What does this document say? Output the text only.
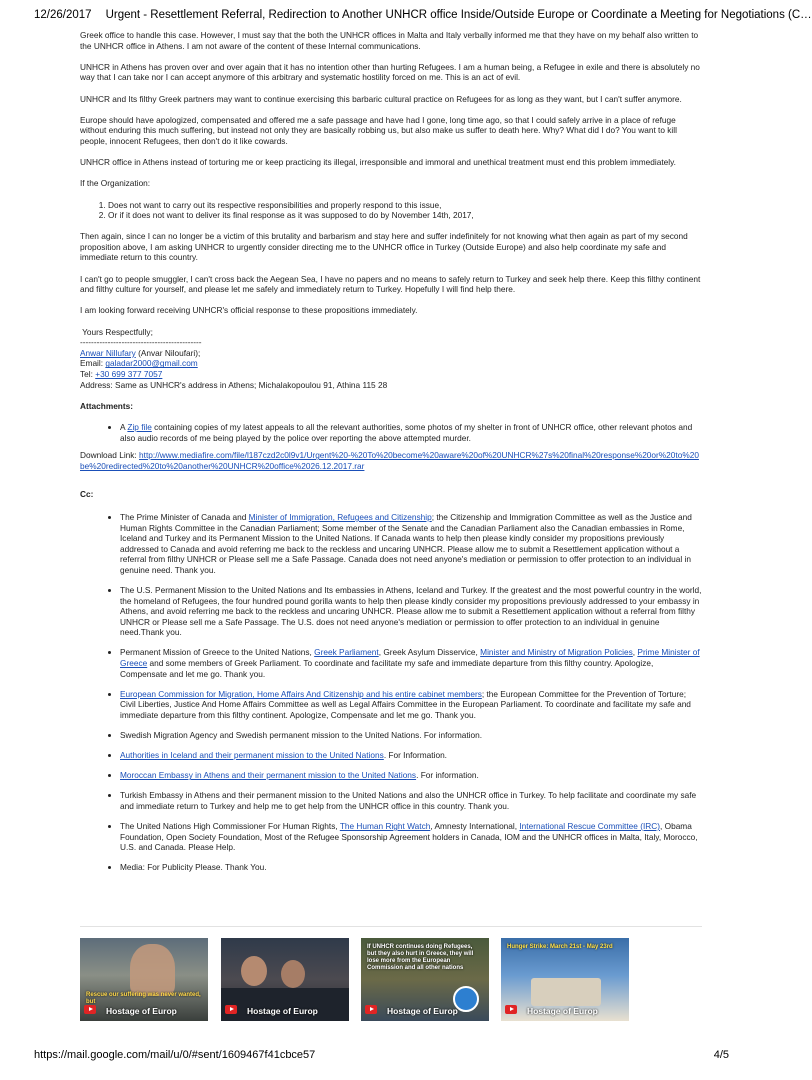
12/26/2017 Urgent - Resettlement Referral, Redirection to Another UNHCR office Inside/Outside Europe or Coordinate a Meeting for Negotiations (C…

Greek office to handle this case. However, I must say that the both the UNHCR offices in Malta and Italy verbally informed me that they have on my behalf also written to the UNHCR office in Athens. I am not aware of the content of these Internal communications.

UNHCR in Athens has proven over and over again that it has no intention other than hurting Refugees. I am a human being, a Refugee in exile and there is absolutely no way that I can take nor I can accept anymore of this arbitrary and systematic hostility forced on me. This is an act of evil.

UNHCR and Its filthy Greek partners may want to continue exercising this barbaric cultural practice on Refugees for as long as they want, but I can't suffer anymore.

Europe should have apologized, compensated and offered me a safe passage and have had I gone, long time ago, so that I could safely arrive in a place of refuge without enduring this much suffering, but instead not only they are basically robbing us, but also make us suffer to death here. Why? What did I do? You want to kill people, innocent Refugees, then don't do it like cowards.

UNHCR office in Athens instead of torturing me or keep practicing its illegal, irresponsible and immoral and unethical treatment must end this problem immediately.

If the Organization:

1. Does not want to carry out its respective responsibilities and properly respond to this issue,
2. Or if it does not want to deliver its final response as it was supposed to do by November 14th, 2017,

Then again, since I can no longer be a victim of this brutality and barbarism and stay here and suffer indefinitely for not knowing what then again as part of my second proposition above, I am asking UNHCR to urgently consider directing me to the UNHCR office in Turkey (Outside Europe) and also help coordinate my safe and immediate return to this country.

I can't go to people smuggler, I can't cross back the Aegean Sea, I have no papers and no means to safely return to Turkey and seek help there. Keep this filthy continent and filthy culture for yourself, and please let me safely and immediately return to Turkey. Hopefully I will find help there.

I am looking forward receiving UNHCR's official response to these propositions immediately.

Yours Respectfully;
--------------------------------------------
Anwar Nillufary (Anvar Niloufari);
Email: galadar2000@gmail.com
Tel: +30 699 377 7057
Address: Same as UNHCR's address in Athens; Michalakopoulou 91, Athina 115 28
Attachments:
• A Zip file containing copies of my latest appeals to all the relevant authorities, some photos of my shelter in front of UNHCR office, other relevant photos and also audio records of me being played by the police over reporting the above attempted murder.
Download Link: http://www.mediafire.com/file/l187czd2c0l9v1/Urgent%20-%20To%20become%20aware%20of%20UNHCR%27s%20final%20response%20or%20to%20be%20redirected%20to%20another%20UNHCR%20office%2026.12.2017.rar
Cc:
• The Prime Minister of Canada and Minister of Immigration, Refugees and Citizenship; the Citizenship and Immigration Committee as well as the Justice and Human Rights Committee in the Canadian Parliament; Some member of the Senate and the Canadian Parliament also the Canadian embassies in Rome, Iceland and Turkey and its Permanent Mission to the United Nations. If Canada wants to help then please kindly consider my propositions previously addressed to Canada and avoid referring me back to the reckless and uncaring UNHCR. Please allow me to submit a Resettlement application without a referral from filthy UNHCR or Please sell me a Safe Passage. Canada does not need anyone's mediation or permission to offer protection to an individual in genuine need. Thank you.
• The U.S. Permanent Mission to the United Nations and Its embassies in Athens, Iceland and Turkey. If the greatest and the most powerful country in the world, the homeland of Refugees, the four hundred pound gorilla wants to help then please kindly consider my propositions previously addressed to your embassy in Athens, and avoid referring me back to the reckless and uncaring UNHCR. Please allow me to submit a Resettlement application without a referral from filthy UNHCR or Please sell me a Safe Passage. The U.S. does not need anyone's mediation or permission to offer protection to an individual in genuine need.Thank you.
• Permanent Mission of Greece to the United Nations, Greek Parliament, Greek Asylum Disservice, Minister and Ministry of Migration Policies, Prime Minister of Greece and some members of Greek Parliament. To coordinate and facilitate my safe and immediate departure from this filthy country. Apologize, Compensate and let me go. Thank you.
• European Commission for Migration, Home Affairs And Citizenship and his entire cabinet members; the European Committee for the Prevention of Torture; Civil Liberties, Justice And Home Affairs Committee as well as Legal Affairs Committee in the European Parliament. To coordinate and facilitate my safe and immediate departure from this filthy continent. Apologize, Compensate and let me go. Thank you.
• Swedish Migration Agency and Swedish permanent mission to the United Nations. For information.
• Authorities in Iceland and their permanent mission to the United Nations. For Information.
• Moroccan Embassy in Athens and their permanent mission to the United Nations. For information.
• Turkish Embassy in Athens and their permanent mission to the United Nations and also the UNHCR office in Turkey. To help facilitate and coordinate my safe and immediate return to Turkey and help me to get help from the UNHCR office in this country. Thank you.
• The United Nations High Commissioner For Human Rights, The Human Right Watch, Amnesty International, International Rescue Committee (IRC), Obama Foundation, Open Society Foundation, Most of the Refugee Sponsorship Agreement holders in Canada, IOM and the UNHCR offices in Malta, Italy, Morocco, U.S. and Canada. Please Help.
• Media: For Publicity Please. Thank You.
Rescue our suffering was never wanted, but
Hostage of Europ	Hostage of Europ
If UNHCR continues doing Refugees, but they also hurt in Greece, they will lose more from the European Commission and all other nations
Hostage of Europ
Hunger Strike: March 21st - May 23rd
Hostage of Europ
https://mail.google.com/mail/u/0/#sent/1609467f41cbce57	4/5
